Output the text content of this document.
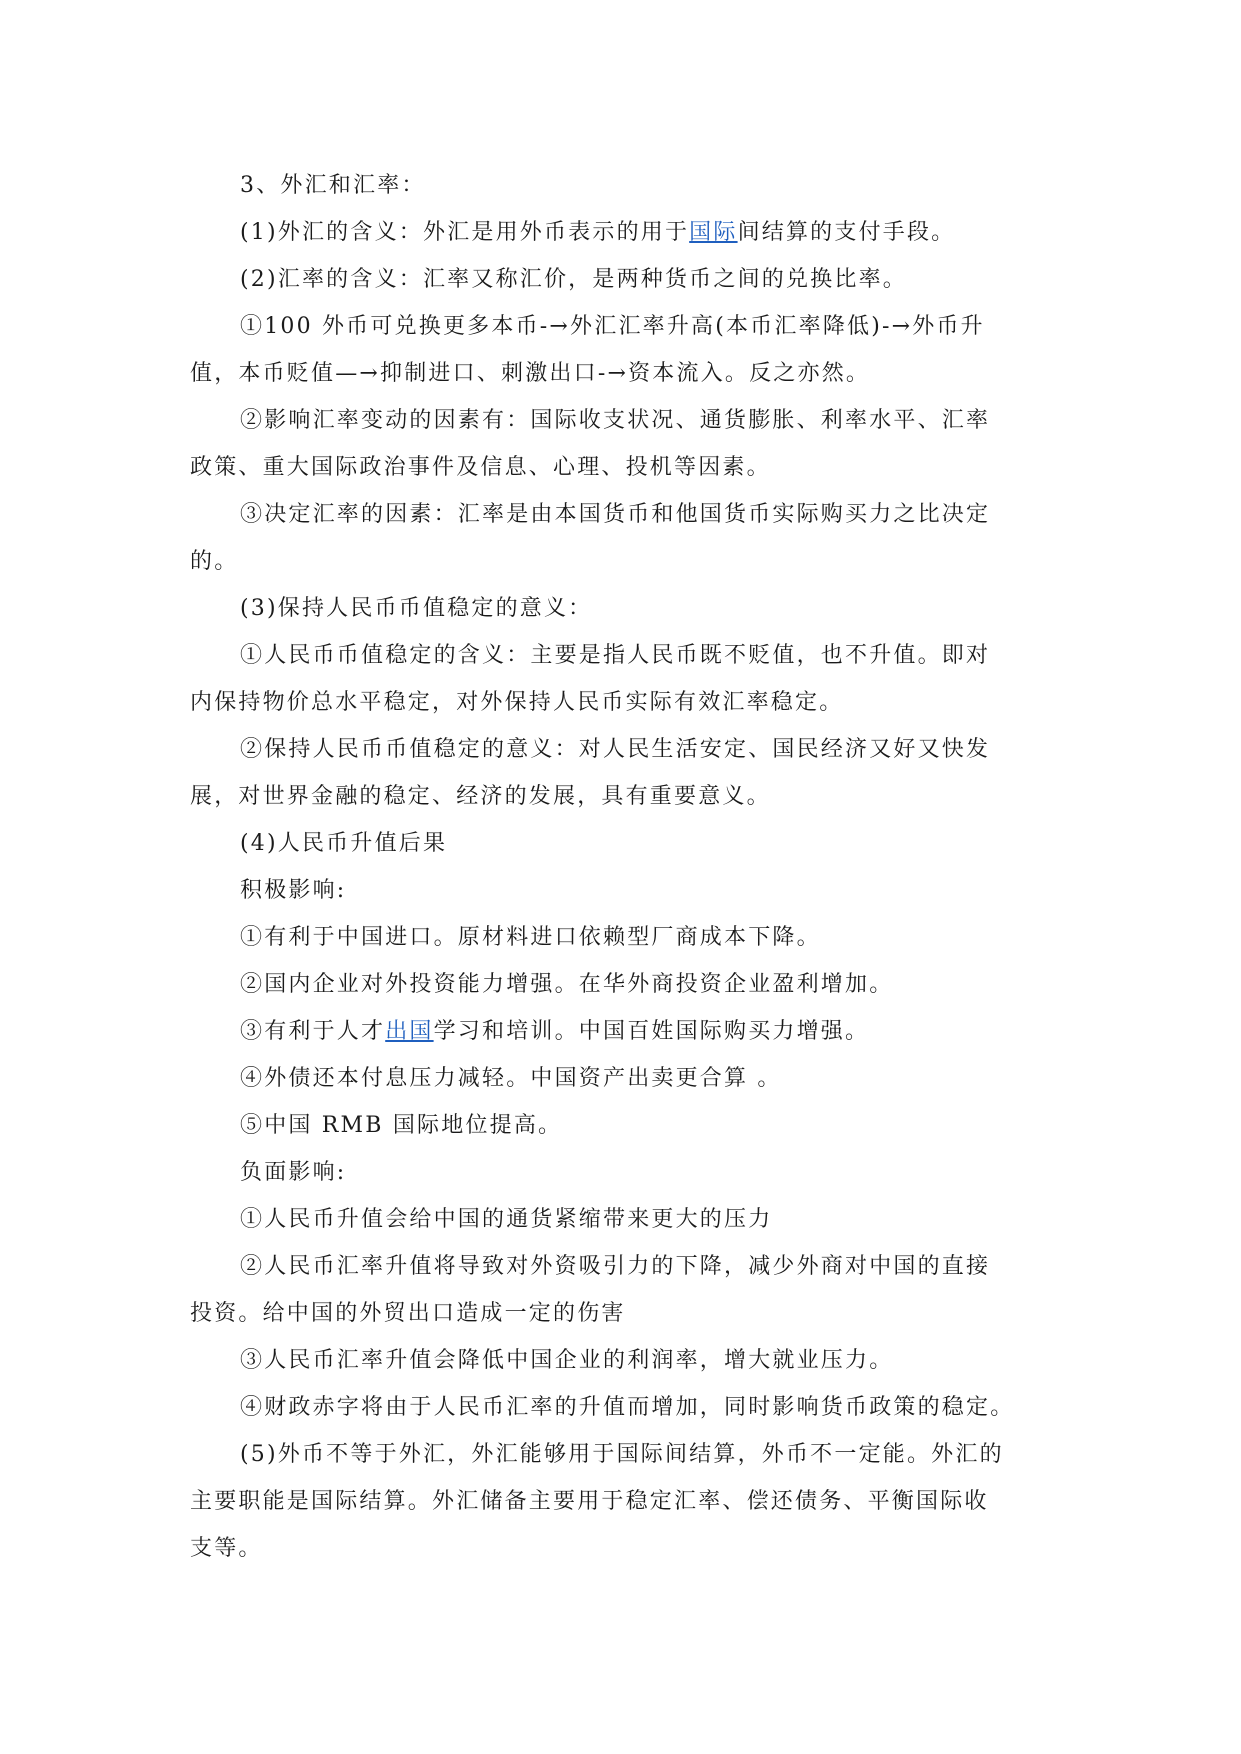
3、外汇和汇率：

(1)外汇的含义：外汇是用外币表示的用于国际间结算的支付手段。

(2)汇率的含义：汇率又称汇价，是两种货币之间的兑换比率。

①100 外币可兑换更多本币-→外汇汇率升高(本币汇率降低)-→外币升
值，本币贬值—→抑制进口、刺激出口-→资本流入。反之亦然。

②影响汇率变动的因素有：国际收支状况、通货膨胀、利率水平、汇率
政策、重大国际政治事件及信息、心理、投机等因素。

③决定汇率的因素：汇率是由本国货币和他国货币实际购买力之比决定
的。

(3)保持人民币币值稳定的意义：

①人民币币值稳定的含义：主要是指人民币既不贬值，也不升值。即对
内保持物价总水平稳定，对外保持人民币实际有效汇率稳定。

②保持人民币币值稳定的意义：对人民生活安定、国民经济又好又快发
展，对世界金融的稳定、经济的发展，具有重要意义。

(4)人民币升值后果

积极影响:

①有利于中国进口。原材料进口依赖型厂商成本下降。

②国内企业对外投资能力增强。在华外商投资企业盈利增加。

③有利于人才出国学习和培训。中国百姓国际购买力增强。

④外债还本付息压力减轻。中国资产出卖更合算 。

⑤中国 RMB 国际地位提高。

负面影响:

①人民币升值会给中国的通货紧缩带来更大的压力

②人民币汇率升值将导致对外资吸引力的下降，减少外商对中国的直接
投资。给中国的外贸出口造成一定的伤害

③人民币汇率升值会降低中国企业的利润率，增大就业压力。

④财政赤字将由于人民币汇率的升值而增加，同时影响货币政策的稳定。

(5)外币不等于外汇，外汇能够用于国际间结算，外币不一定能。外汇的
主要职能是国际结算。外汇储备主要用于稳定汇率、偿还债务、平衡国际收
支等。
